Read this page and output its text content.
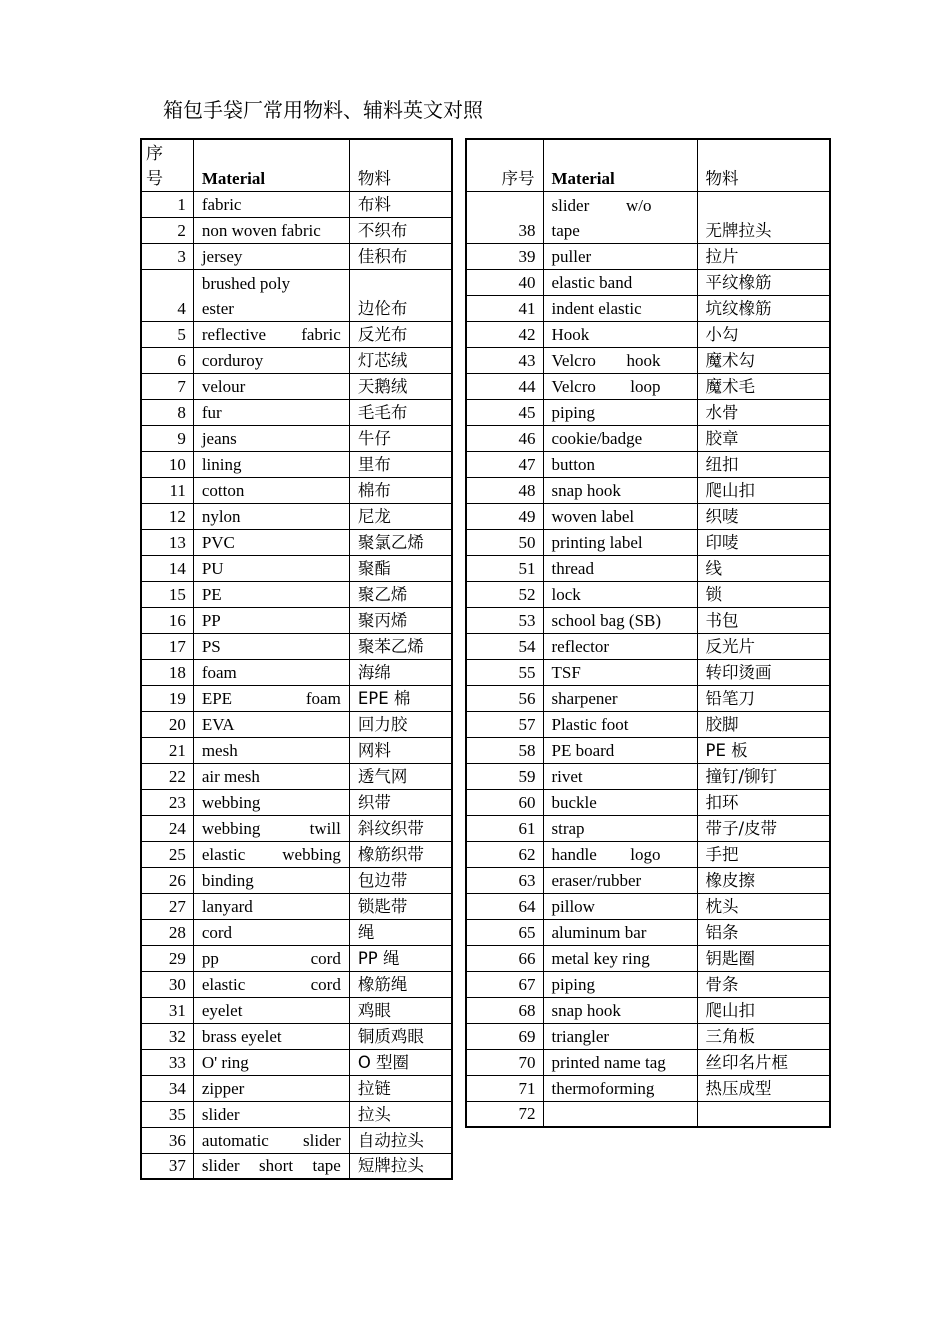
箱包手袋厂常用物料、辅料英文对照
序
号	Material	物料
1	fabric	布料
2	non woven fabric	不织布
3	jersey	佳积布
4	brushed poly
ester	边伦布
5	reflective fabric	反光布
6	corduroy	灯芯绒
7	velour	天鹅绒
8	fur	毛毛布
9	jeans	牛仔
10	lining	里布
11	cotton	棉布
12	nylon	尼龙
13	PVC	聚氯乙烯
14	PU	聚酯
15	PE	聚乙烯
16	PP	聚丙烯
17	PS	聚苯乙烯
18	foam	海绵
19	EPE foam	EPE 棉
20	EVA	回力胶
21	mesh	网料
22	air mesh	透气网
23	webbing	织带
24	webbing twill	斜纹织带
25	elastic webbing	橡筋织带
26	binding	包边带
27	lanyard	锁匙带
28	cord	绳
29	pp cord	PP 绳
30	elastic cord	橡筋绳
31	eyelet	鸡眼
32	brass eyelet	铜质鸡眼
33	O' ring	O 型圈
34	zipper	拉链
35	slider	拉头
36	automatic slider	自动拉头
37	slider short tape	短牌拉头
序号	Material	物料
38	slider w/o
tape	无牌拉头
39	puller	拉片
40	elastic band	平纹橡筋
41	indent elastic	坑纹橡筋
42	Hook	小勾
43	Velcro hook	魔术勾
44	Velcro loop	魔术毛
45	piping	水骨
46	cookie/badge	胶章
47	button	纽扣
48	snap hook	爬山扣
49	woven label	织唛
50	printing label	印唛
51	thread	线
52	lock	锁
53	school bag (SB)	书包
54	reflector	反光片
55	TSF	转印烫画
56	sharpener	铅笔刀
57	Plastic foot	胶脚
58	PE board	PE 板
59	rivet	撞钉/铆钉
60	buckle	扣环
61	strap	带子/皮带
62	handle logo	手把
63	eraser/rubber	橡皮擦
64	pillow	枕头
65	aluminum bar	铝条
66	metal key ring	钥匙圈
67	piping	骨条
68	snap hook	爬山扣
69	triangler	三角板
70	printed name tag	丝印名片框
71	thermoforming	热压成型
72		
